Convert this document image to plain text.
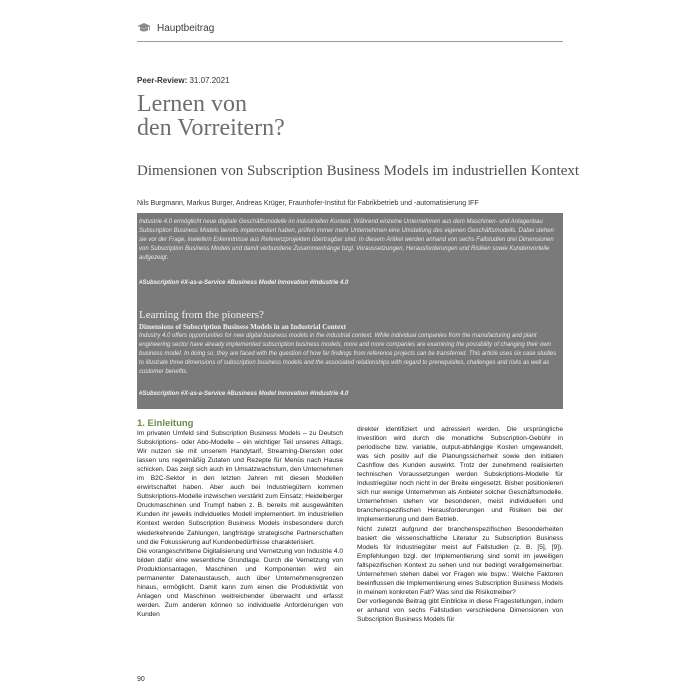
Hauptbeitrag
Peer-Review: 31.07.2021
Lernen von
den Vorreitern?
Dimensionen von Subscription Business Models im industriellen Kontext
Nils Burgmann, Markus Burger, Andreas Krüger, Fraunhofer-Institut für Fabrikbetrieb und -automatisierung IFF

Industrie 4.0 ermöglicht neue digitale Geschäftsmodelle im industriellen Kontext. Während einzelne Unternehmen aus dem Maschinen- und Anlagenbau Subscription Business Models bereits implementiert haben, prüfen immer mehr Unternehmen eine Umstellung des eigenen Geschäftsmodells. Dabei stehen sie vor der Frage, inwiefern Erkenntnisse aus Referenzprojekten übertragbar sind. In diesem Artikel werden anhand von sechs Fallstudien drei Dimensionen von Subscription Business Models und damit verbundene Zusammenhänge bzgl. Voraussetzungen, Herausforderungen und Risiken sowie Kundenvorteile aufgezeigt.

#Subscription #X-as-a-Service #Business Model Innovation #Industrie 4.0
Learning from the pioneers?
Dimensions of Subscription Business Models in an Industrial Context

Industry 4.0 offers opportunities for new digital business models in the industrial context. While individual companies from the manufacturing and plant engineering sector have already implemented subscription business models, more and more companies are examining the possibility of changing their own business model. In doing so, they are faced with the question of how far findings from reference projects can be transferred. This article uses six case studies to illustrate three dimensions of subscription business models and the associated relationships with regard to prerequisites, challenges and risks as well as customer benefits.

#Subscription #X-as-a-Service #Business Model Innovation #Industrie 4.0
1. Einleitung

Im privaten Umfeld sind Subscription Business Models – zu Deutsch Subskriptions- oder Abo-Modelle – ein wichtiger Teil unseres Alltags. Wir nutzen sie mit unserem Handytarif, Streaming-Diensten oder lassen uns regelmäßig Zutaten und Rezepte für Menüs nach Hause schicken. Das zeigt sich auch im Umsatzwachstum, den Unternehmen im B2C-Sektor in den letzten Jahren mit diesen Modellen erwirtschaftet haben. Aber auch bei Industriegütern kommen Subskriptions-Modelle inzwischen verstärkt zum Einsatz: Heidelberger Druckmaschinen und Trumpf haben z. B. bereits mit ausgewählten Kunden ihr jeweils individuelles Modell implementiert. Im industriellen Kontext werden Subscription Business Models insbesondere durch wiederkehrende Zahlungen, langfristige strategische Partnerschaften und die Fokussierung auf Kundenbedürfnisse charakterisiert.

Die vorangeschrittene Digitalisierung und Vernetzung von Industrie 4.0 bilden dafür eine wesentliche Grundlage. Durch die Vernetzung von Produktionsanlagen, Maschinen und Komponenten wird ein permanenter Datenaustausch, auch über Unternehmensgrenzen hinaus, ermöglicht. Damit kann zum einen die Produktivität von Anlagen und Maschinen weitreichender überwacht und erfasst werden. Zum anderen können so individuelle Anforderungen von Kunden

direkter identifiziert und adressiert werden. Die ursprüngliche Investition wird durch die monatliche Subscription-Gebühr in periodische bzw. variable, output-abhängige Kosten umgewandelt, was sich positiv auf die Planungssicherheit sowie den initialen Cashflow des Kunden auswirkt. Trotz der zunehmend realisierten technischen Voraussetzungen werden Subskriptions-Modelle für Industriegüter noch nicht in der Breite eingesetzt. Bisher positionieren sich nur wenige Unternehmen als Anbieter solcher Geschäftsmodelle. Unternehmen stehen vor besonderen, meist individuellen und branchenspezifischen Herausforderungen und Risiken bei der Implementierung und dem Betrieb.

Nicht zuletzt aufgrund der branchenspezifischen Besonderheiten basiert die wissenschaftliche Literatur zu Subscription Business Models für Industriegüter meist auf Fallstudien (z. B. [5], [9]). Empfehlungen bzgl. der Implementierung sind somit im jeweiligen fallspezifischen Kontext zu sehen und nur bedingt verallgemeinerbar. Unternehmen stehen dabei vor Fragen wie bspw.: Welche Faktoren beeinflussen die Implementierung eines Subscription Business Models in meinem konkreten Fall? Was sind die Risikotreiber?

Der vorliegende Beitrag gibt Einblicke in diese Fragestellungen, indem er anhand von sechs Fallstudien verschiedene Dimensionen von Subscription Business Models für

90
